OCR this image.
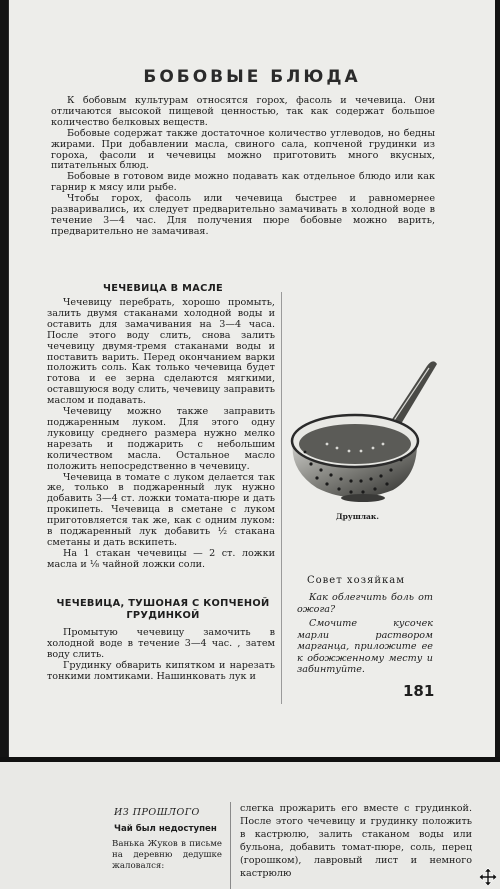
БОБОВЫЕ БЛЮДА

К бобовым культурам относятся горох, фасоль и чечевица. Они отличаются высокой пищевой ценностью, так как содержат большое количество белковых веществ.

Бобовые содержат также достаточное количество углеводов, но бедны жирами. При добавлении масла, свиного сала, копченой грудинки из гороха, фасоли и чечевицы можно приготовить много вкусных, питательных блюд.

Бобовые в готовом виде можно подавать как отдельное блюдо или как гарнир к мясу или рыбе.

Чтобы горох, фасоль или чечевица быстрее и равномернее разваривались, их следует предварительно замачивать в холодной воде в течение 3—4 час. Для получения пюре бобовые можно варить, предварительно не замачивая.

ЧЕЧЕВИЦА В МАСЛЕ

Чечевицу перебрать, хорошо промыть, залить двумя стаканами холодной воды и оставить для замачивания на 3—4 часа. После этого воду слить, снова залить чечевицу двумя-тремя стаканами воды и поставить варить. Перед окончанием варки положить соль. Как только чечевица будет готова и ее зерна сделаются мягкими, оставшуюся воду слить, чечевицу заправить маслом и подавать.

Чечевицу можно также заправить поджаренным луком. Для этого одну луковицу среднего размера нужно мелко нарезать и поджарить с небольшим количеством масла. Остальное масло положить непосредственно в чечевицу.

Чечевица в томате с луком делается так же, только в поджаренный лук нужно добавить 3—4 ст. ложки томата-пюре и дать прокипеть. Чечевица в сметане с луком приготовляется так же, как с одним луком: в поджаренный лук добавить ½ стакана сметаны и дать вскипеть.

На 1 стакан чечевицы — 2 ст. ложки масла и ⅛ чайной ложки соли.

ЧЕЧЕВИЦА, ТУШОНАЯ С КОПЧЕНОЙ ГРУДИНКОЙ

Промытую чечевицу замочить в холодной воде в течение 3—4 час. , затем воду слить.

Грудинку обварить кипятком и нарезать тонкими ломтиками. Нашинковать лук и

Друшлак.
Совет хозяйкам
Как облегчить боль от ожога?
Смочите кусочек марли раствором марганца, приложите ее к обожженному месту и забинтуйте.
181
ИЗ ПРОШЛОГО
Чай был недоступен
Ванька Жуков в письме на деревню дедушке жаловался:
слегка прожарить его вместе с грудинкой. После этого чечевицу и грудинку положить в кастрюлю, залить стаканом воды или бульона, добавить томат-пюре, соль, перец (горошком), лавровый лист и немного кастрюлю
